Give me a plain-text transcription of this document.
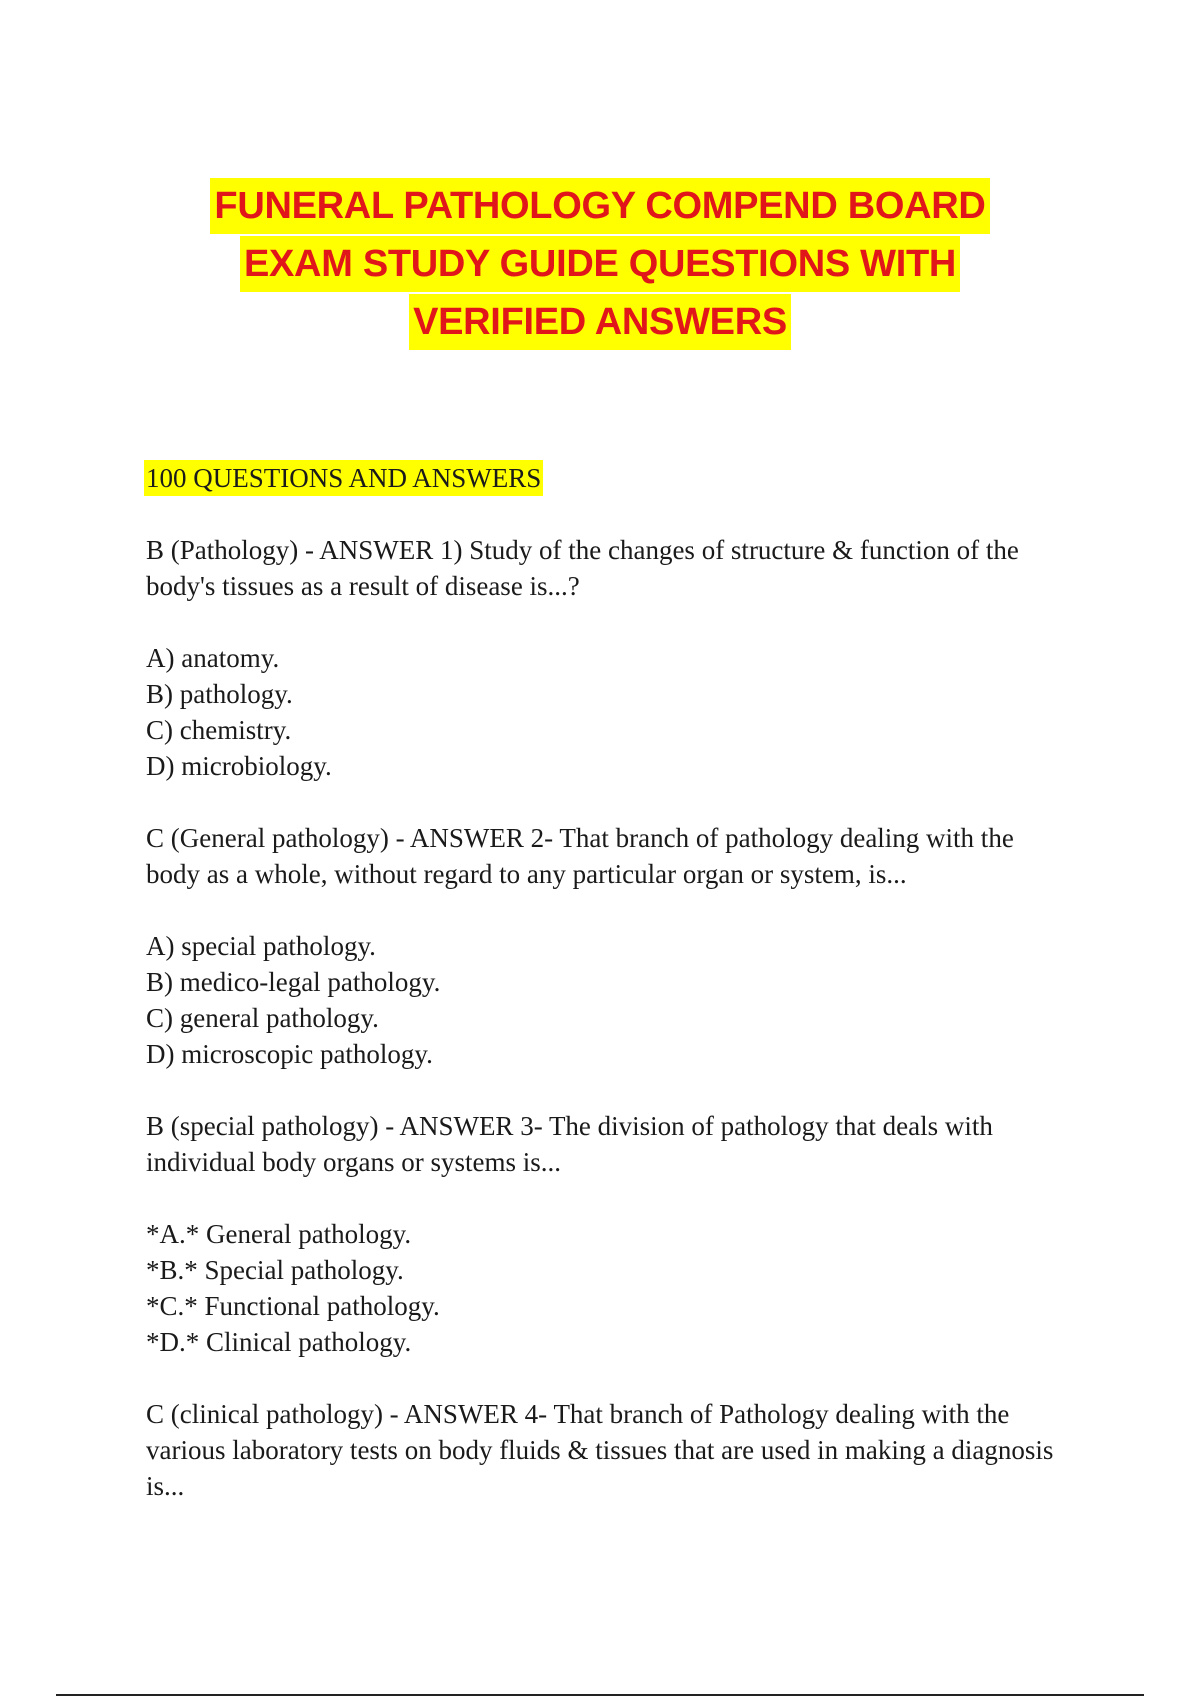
FUNERAL PATHOLOGY COMPEND BOARD
EXAM STUDY GUIDE QUESTIONS WITH
VERIFIED ANSWERS
100 QUESTIONS AND ANSWERS

B (Pathology) - ANSWER 1) Study of the changes of structure & function of the body's tissues as a result of disease is...?

A) anatomy.

B) pathology.

C) chemistry.

D) microbiology.

C (General pathology) - ANSWER 2- That branch of pathology dealing with the body as a whole, without regard to any particular organ or system, is...

A) special pathology.

B) medico-legal pathology.

C) general pathology.

D) microscopic pathology.

B (special pathology) - ANSWER 3- The division of pathology that deals with individual body organs or systems is...

*A.* General pathology.

*B.* Special pathology.

*C.* Functional pathology.

*D.* Clinical pathology.

C (clinical pathology) - ANSWER 4- That branch of Pathology dealing with the various laboratory tests on body fluids & tissues that are used in making a diagnosis is...
